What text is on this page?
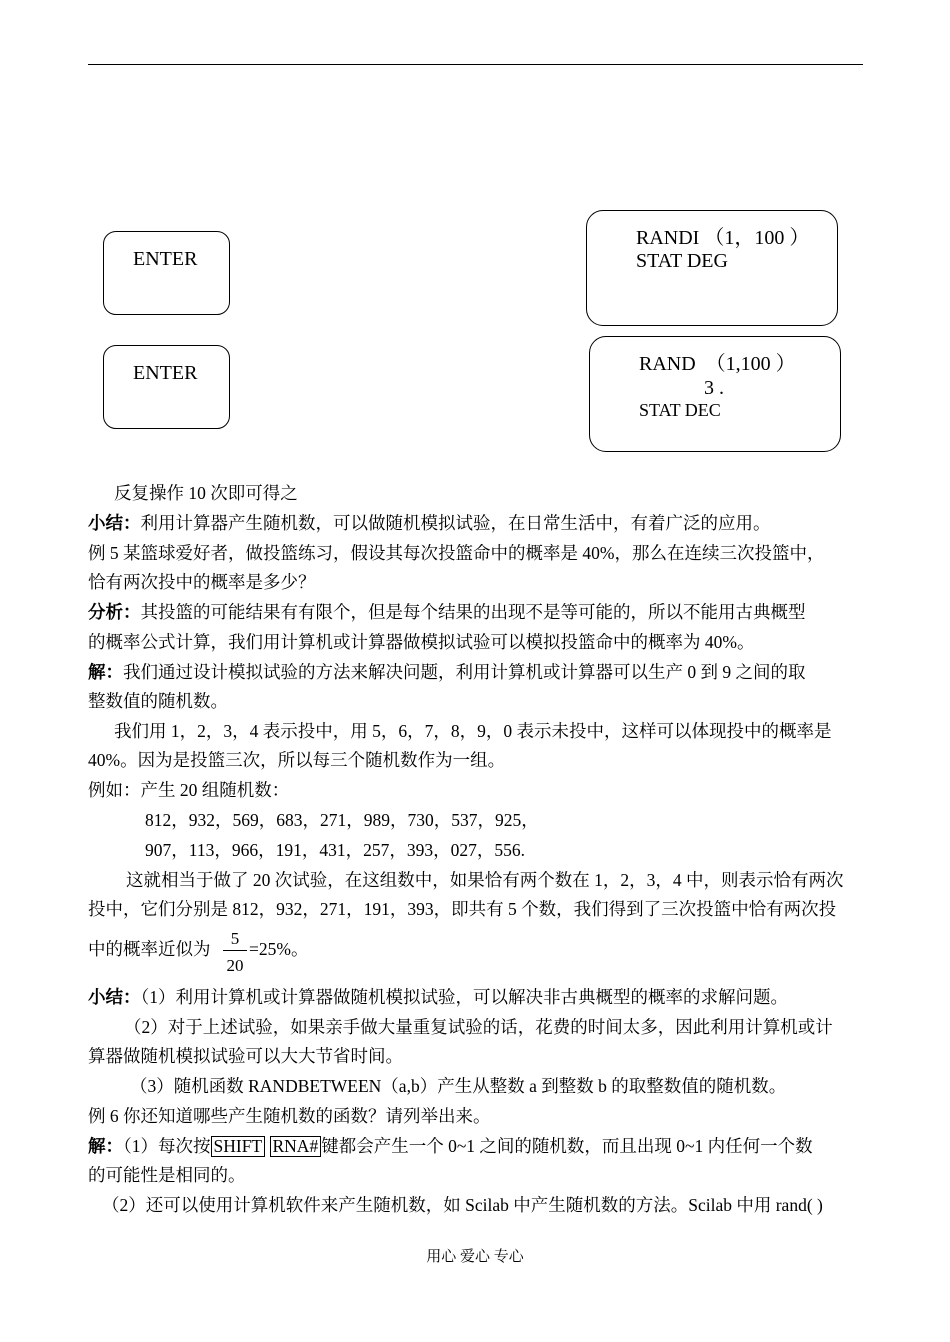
ENTER
ENTER
RANDI （1，100 ）
STAT DEG
RAND  （1,100 ）
3 .
STAT DEC
反复操作 10 次即可得之
小结：利用计算器产生随机数，可以做随机模拟试验，在日常生活中，有着广泛的应用。
例 5 某篮球爱好者，做投篮练习，假设其每次投篮命中的概率是 40%，那么在连续三次投篮中，
恰有两次投中的概率是多少？
分析：其投篮的可能结果有有限个，但是每个结果的出现不是等可能的，所以不能用古典概型
的概率公式计算，我们用计算机或计算器做模拟试验可以模拟投篮命中的概率为 40%。
解：我们通过设计模拟试验的方法来解决问题，利用计算机或计算器可以生产 0 到 9 之间的取
整数值的随机数。
我们用 1，2，3，4 表示投中，用 5，6，7，8，9，0 表示未投中，这样可以体现投中的概率是
40%。因为是投篮三次，所以每三个随机数作为一组。
例如：产生 20 组随机数：
812，932，569，683，271，989，730，537，925，
907，113，966，191，431，257，393，027，556.
这就相当于做了 20 次试验，在这组数中，如果恰有两个数在 1，2，3，4 中，则表示恰有两次
投中，它们分别是 812，932，271，191，393，即共有 5 个数，我们得到了三次投篮中恰有两次投
中的概率近似为
5
20
=25%。
小结：（1）利用计算机或计算器做随机模拟试验，可以解决非古典概型的概率的求解问题。
（2）对于上述试验，如果亲手做大量重复试验的话，花费的时间太多，因此利用计算机或计
算器做随机模拟试验可以大大节省时间。
（3）随机函数 RANDBETWEEN（a,b）产生从整数 a 到整数 b 的取整数值的随机数。
例 6 你还知道哪些产生随机数的函数？请列举出来。
解：（1）每次按 SHIFT RNA# 键都会产生一个 0~1 之间的随机数，而且出现 0~1 内任何一个数
的可能性是相同的。
（2）还可以使用计算机软件来产生随机数，如 Scilab 中产生随机数的方法。Scilab 中用 rand( )
用心 爱心 专心
